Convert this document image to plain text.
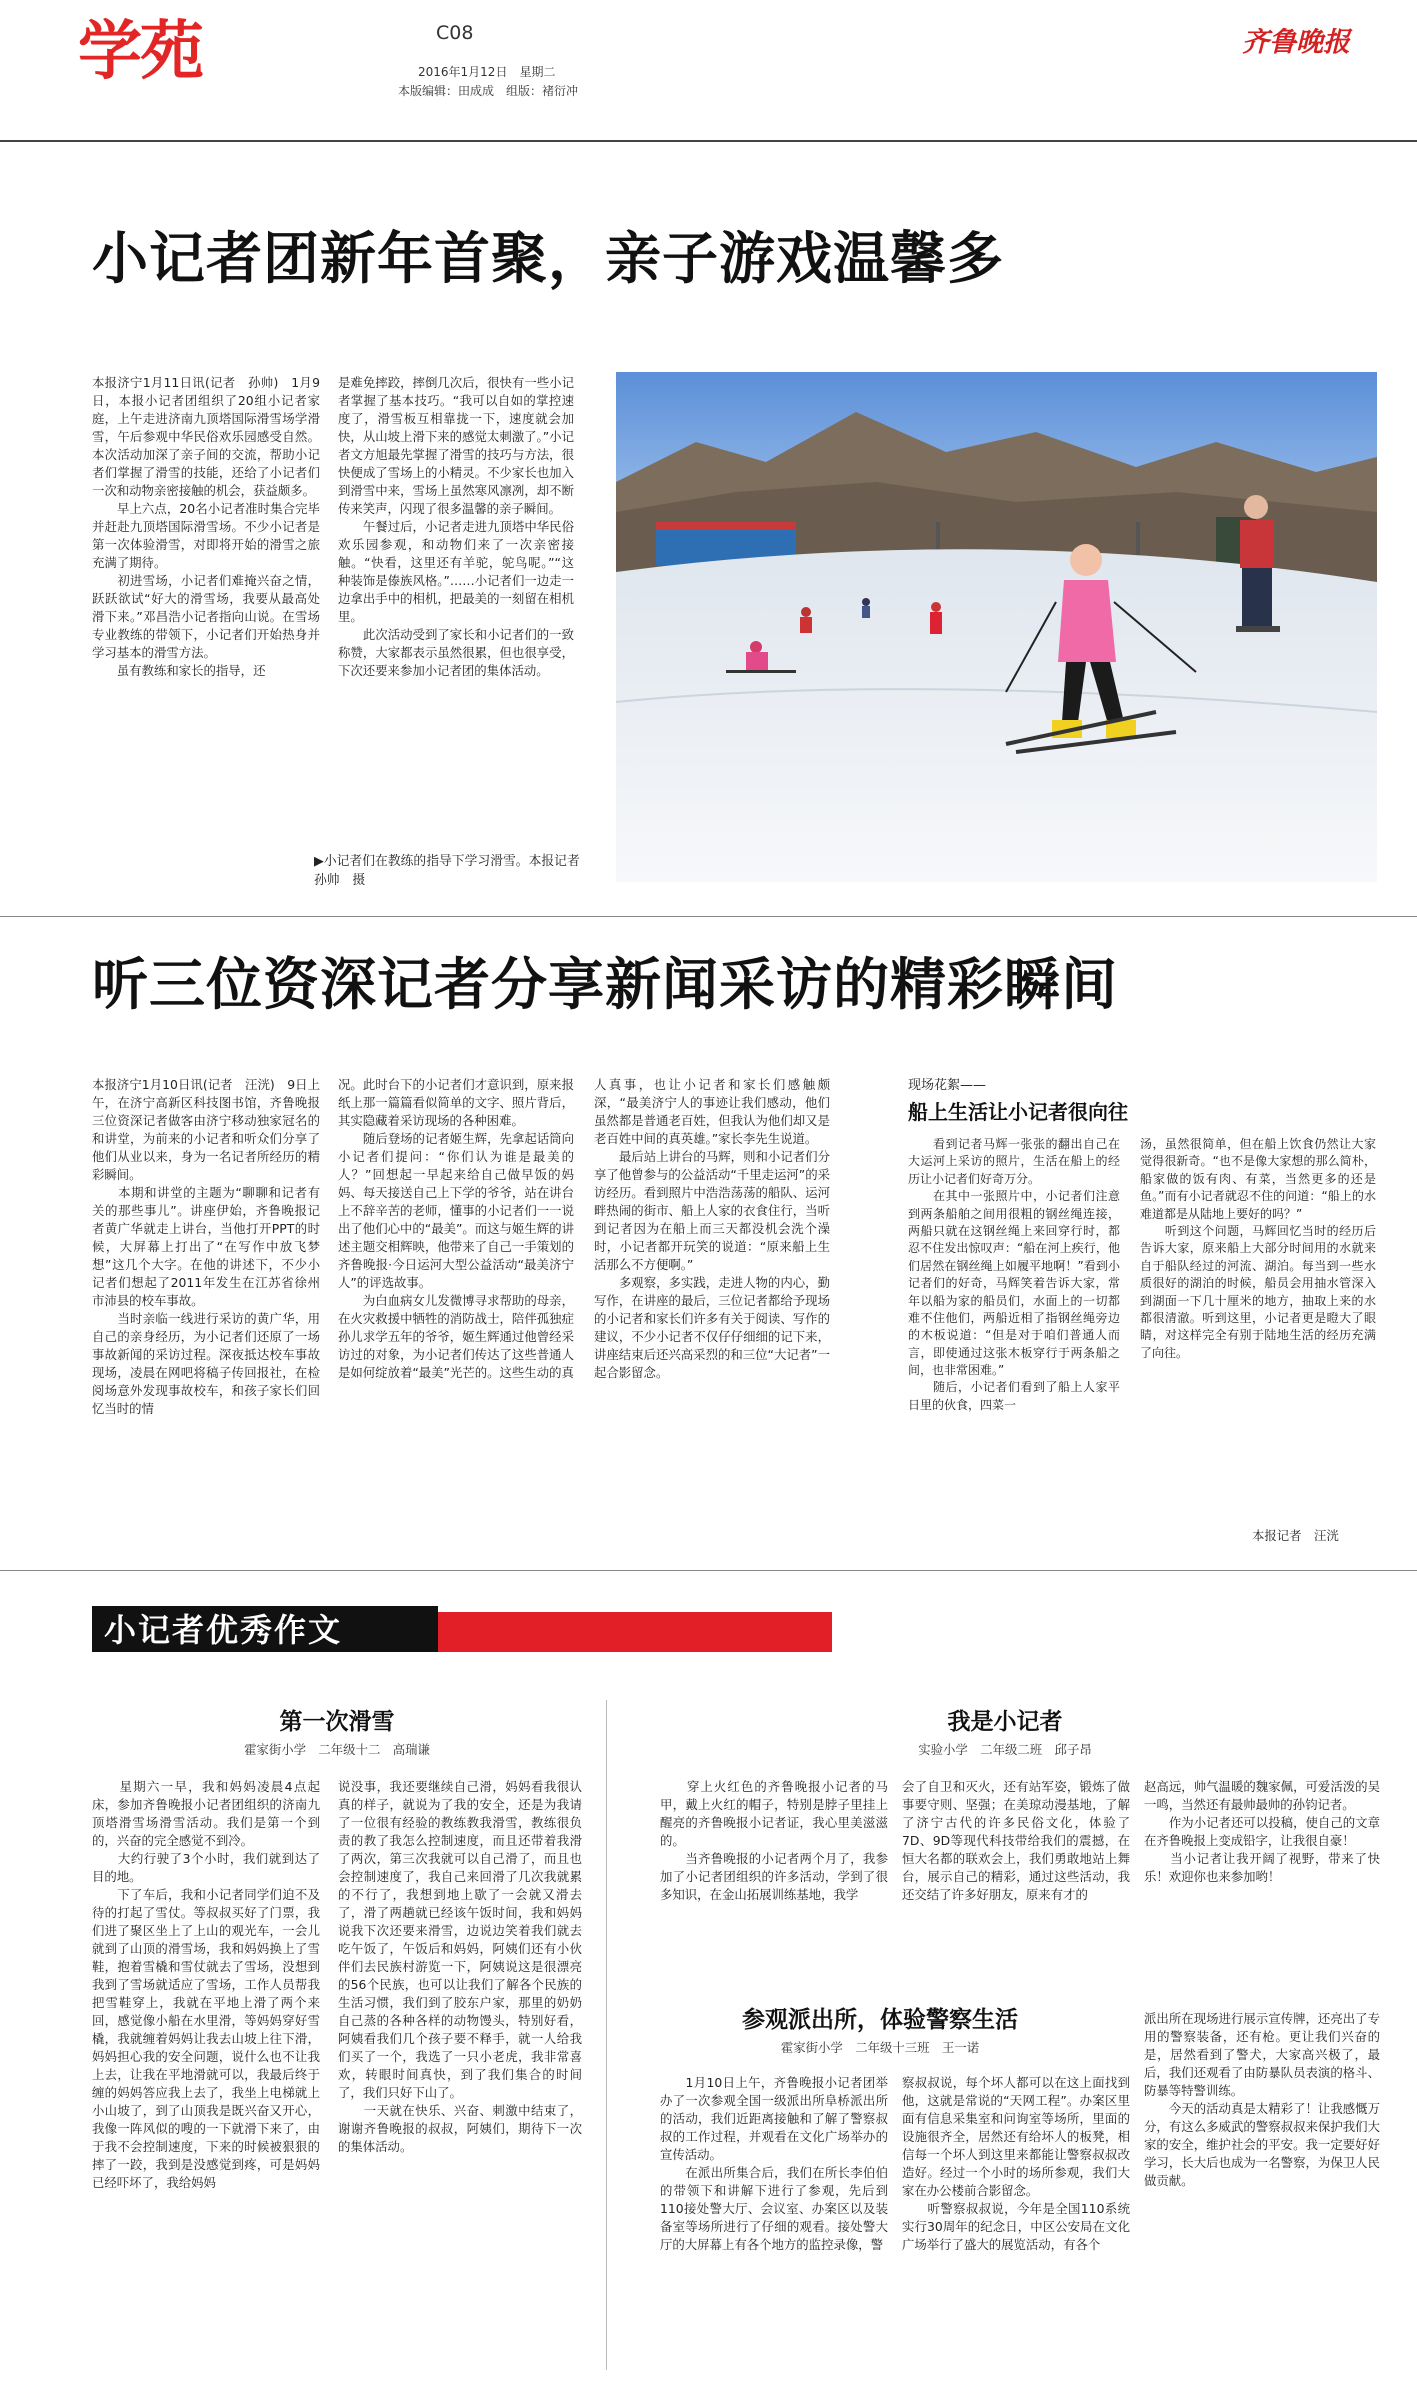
学苑	C08
2016年1月12日　星期二
本版编辑：田成成　组版：褚衍冲
齐鲁晚报
小记者团新年首聚，亲子游戏温馨多

本报济宁1月11日讯(记者　孙帅)　1月9日，本报小记者团组织了20组小记者家庭，上午走进济南九顶塔国际滑雪场学滑雪，午后参观中华民俗欢乐园感受自然。本次活动加深了亲子间的交流，帮助小记者们掌握了滑雪的技能，还给了小记者们一次和动物亲密接触的机会，获益颇多。
　　早上六点，20名小记者准时集合完毕并赶赴九顶塔国际滑雪场。不少小记者是第一次体验滑雪，对即将开始的滑雪之旅充满了期待。
　　初进雪场，小记者们难掩兴奋之情，跃跃欲试“好大的滑雪场，我要从最高处滑下来。”邓昌浩小记者指向山说。在雪场专业教练的带领下，小记者们开始热身并学习基本的滑雪方法。
　　虽有教练和家长的指导，还

是难免摔跤，摔倒几次后，很快有一些小记者掌握了基本技巧。“我可以自如的掌控速度了，滑雪板互相靠拢一下，速度就会加快，从山坡上滑下来的感觉太刺激了。”小记者文方旭最先掌握了滑雪的技巧与方法，很快便成了雪场上的小精灵。不少家长也加入到滑雪中来，雪场上虽然寒风凛冽，却不断传来笑声，闪现了很多温馨的亲子瞬间。
　　午餐过后，小记者走进九顶塔中华民俗欢乐园参观，和动物们来了一次亲密接触。“快看，这里还有羊驼，鸵鸟呢。”“这种装饰是傣族风格。”……小记者们一边走一边拿出手中的相机，把最美的一刻留在相机里。
　　此次活动受到了家长和小记者们的一致称赞，大家都表示虽然很累，但也很享受，下次还要来参加小记者团的集体活动。

▶小记者们在教练的指导下学习滑雪。本报记者　孙帅　摄
听三位资深记者分享新闻采访的精彩瞬间

本报济宁1月10日讯(记者　汪洸)　9日上午，在济宁高新区科技图书馆，齐鲁晚报三位资深记者做客由济宁移动独家冠名的和讲堂，为前来的小记者和听众们分享了他们从业以来，身为一名记者所经历的精彩瞬间。
　　本期和讲堂的主题为“聊聊和记者有关的那些事儿”。讲座伊始，齐鲁晚报记者黄广华就走上讲台，当他打开PPT的时候，大屏幕上打出了“在写作中放飞梦想”这几个大字。在他的讲述下，不少小记者们想起了2011年发生在江苏省徐州市沛县的校车事故。
　　当时亲临一线进行采访的黄广华，用自己的亲身经历，为小记者们还原了一场事故新闻的采访过程。深夜抵达校车事故现场，凌晨在网吧将稿子传回报社，在检阅场意外发现事故校车，和孩子家长们回忆当时的情

况。此时台下的小记者们才意识到，原来报纸上那一篇篇看似简单的文字、照片背后，其实隐藏着采访现场的各种困难。
　　随后登场的记者姬生辉，先拿起话筒向小记者们提问：“你们认为谁是最美的人？”回想起一早起来给自己做早饭的妈妈、每天接送自己上下学的爷爷，站在讲台上不辞辛苦的老师，懂事的小记者们一一说出了他们心中的“最美”。而这与姬生辉的讲述主题交相辉映，他带来了自己一手策划的齐鲁晚报·今日运河大型公益活动“最美济宁人”的评选故事。
　　为白血病女儿发微博寻求帮助的母亲，在火灾救援中牺牲的消防战士，陪伴孤独症孙儿求学五年的爷爷，姬生辉通过他曾经采访过的对象，为小记者们传达了这些普通人是如何绽放着“最美”光芒的。这些生动的真

人真事，也让小记者和家长们感触颇深，“最美济宁人的事迹让我们感动，他们虽然都是普通老百姓，但我认为他们却又是老百姓中间的真英雄。”家长李先生说道。
　　最后站上讲台的马辉，则和小记者们分享了他曾参与的公益活动“千里走运河”的采访经历。看到照片中浩浩荡荡的船队、运河畔热闹的街市、船上人家的衣食住行，当听到记者因为在船上而三天都没机会洗个澡时，小记者都开玩笑的说道：“原来船上生活那么不方便啊。”
　　多观察，多实践，走进人物的内心，勤写作，在讲座的最后，三位记者都给予现场的小记者和家长们许多有关于阅读、写作的建议，不少小记者不仅仔仔细细的记下来，讲座结束后还兴高采烈的和三位“大记者”一起合影留念。

现场花絮——
船上生活让小记者很向往

　　看到记者马辉一张张的翻出自己在大运河上采访的照片，生活在船上的经历让小记者们好奇万分。
　　在其中一张照片中，小记者们注意到两条船舶之间用很粗的钢丝绳连接，两船只就在这钢丝绳上来回穿行时，都忍不住发出惊叹声：“船在河上疾行，他们居然在钢丝绳上如履平地啊！”看到小记者们的好奇，马辉笑着告诉大家，常年以船为家的船员们，水面上的一切都难不住他们，两船近相了指钢丝绳旁边的木板说道：“但是对于咱们普通人而言，即使通过这张木板穿行于两条船之间，也非常困难。”
　　随后，小记者们看到了船上人家平日里的伙食，四菜一

汤，虽然很简单，但在船上饮食仍然让大家觉得很新奇。“也不是像大家想的那么简朴，船家做的饭有肉、有菜，当然更多的还是鱼。”而有小记者就忍不住的问道：“船上的水难道都是从陆地上要好的吗？”
　　听到这个问题，马辉回忆当时的经历后告诉大家，原来船上大部分时间用的水就来自于船队经过的河流、湖泊。每当到一些水质很好的湖泊的时候，船员会用抽水管深入到湖面一下几十厘米的地方，抽取上来的水都很清澈。听到这里，小记者更是瞪大了眼睛，对这样完全有别于陆地生活的经历充满了向往。

本报记者　汪洸
小记者优秀作文
第一次滑雪
霍家街小学　二年级十二　高瑞谦

　　星期六一早，我和妈妈凌晨4点起床，参加齐鲁晚报小记者团组织的济南九顶塔滑雪场滑雪活动。我们是第一个到的，兴奋的完全感觉不到冷。
　　大约行驶了3个小时，我们就到达了目的地。
　　下了车后，我和小记者同学们迫不及待的打起了雪仗。等叔叔买好了门票，我们进了聚区坐上了上山的观光车，一会儿就到了山顶的滑雪场，我和妈妈换上了雪鞋，抱着雪橇和雪仗就去了雪场，没想到我到了雪场就适应了雪场，工作人员帮我把雪鞋穿上，我就在平地上滑了两个来回，感觉像小船在水里滑，等妈妈穿好雪橇，我就缠着妈妈让我去山坡上往下滑，妈妈担心我的安全问题，说什么也不让我上去，让我在平地滑就可以，我最后终于缠的妈妈答应我上去了，我坐上电梯就上小山坡了，到了山顶我是既兴奋又开心，我像一阵风似的嗖的一下就滑下来了，由于我不会控制速度，下来的时候被狠狠的摔了一跤，我到是没感觉到疼，可是妈妈已经吓坏了，我给妈妈

说没事，我还要继续自己滑，妈妈看我很认真的样子，就说为了我的安全，还是为我请了一位很有经验的教练教我滑雪，教练很负责的教了我怎么控制速度，而且还带着我滑了两次，第三次我就可以自己滑了，而且也会控制速度了，我自己来回滑了几次我就累的不行了，我想到地上歇了一会就又滑去了，滑了两趟就已经该午饭时间，我和妈妈说我下次还要来滑雪，边说边笑着我们就去吃午饭了，午饭后和妈妈，阿姨们还有小伙伴们去民族村游览一下，阿姨说这是很漂亮的56个民族，也可以让我们了解各个民族的生活习惯，我们到了胶东户家，那里的奶奶自己蒸的各种各样的动物馒头，特别好看，阿姨看我们几个孩子要不释手，就一人给我们买了一个，我选了一只小老虎，我非常喜欢，转眼时间真快，到了我们集合的时间了，我们只好下山了。
　　一天就在快乐、兴奋、刺激中结束了，谢谢齐鲁晚报的叔叔，阿姨们，期待下一次的集体活动。

我是小记者
实验小学　二年级二班　邱子昂

　　穿上火红色的齐鲁晚报小记者的马甲，戴上火红的帽子，特别是脖子里挂上醒亮的齐鲁晚报小记者证，我心里美滋滋的。
　　当齐鲁晚报的小记者两个月了，我参加了小记者团组织的许多活动，学到了很多知识，在金山拓展训练基地，我学

会了自卫和灭火，还有站军姿，锻炼了做事要守则、坚强；在美琼动漫基地，了解了济宁古代的许多民俗文化，体验了7D、9D等现代科技带给我们的震撼，在恒大名都的联欢会上，我们勇敢地站上舞台，展示自己的精彩，通过这些活动，我还交结了许多好朋友，原来有才的

赵高远，帅气温暖的魏家佩，可爱活泼的吴一鸣，当然还有最帅最帅的孙钧记者。
　　作为小记者还可以投稿，使自己的文章在齐鲁晚报上变成铅字，让我很自豪！
　　当小记者让我开阔了视野，带来了快乐！欢迎你也来参加哟！

参观派出所，体验警察生活
霍家街小学　二年级十三班　王一诺

　　1月10日上午，齐鲁晚报小记者团举办了一次参观全国一级派出所阜桥派出所的活动，我们近距离接触和了解了警察叔叔的工作过程，并观看在文化广场举办的宣传活动。
　　在派出所集合后，我们在所长李伯伯的带领下和讲解下进行了参观，先后到110接处警大厅、会议室、办案区以及装备室等场所进行了仔细的观看。接处警大厅的大屏幕上有各个地方的监控录像，警

察叔叔说，每个坏人都可以在这上面找到他，这就是常说的“天网工程”。办案区里面有信息采集室和问询室等场所，里面的设施很齐全，居然还有给坏人的板凳，相信每一个坏人到这里来都能让警察叔叔改造好。经过一个小时的场所参观，我们大家在办公楼前合影留念。
　　听警察叔叔说，今年是全国110系统实行30周年的纪念日，中区公安局在文化广场举行了盛大的展览活动，有各个

派出所在现场进行展示宣传牌，还亮出了专用的警察装备，还有枪。更让我们兴奋的是，居然看到了警犬，大家高兴极了，最后，我们还观看了由防暴队员表演的格斗、防暴等特警训练。
　　今天的活动真是太精彩了！让我感慨万分，有这么多威武的警察叔叔来保护我们大家的安全，维护社会的平安。我一定要好好学习，长大后也成为一名警察，为保卫人民做贡献。
